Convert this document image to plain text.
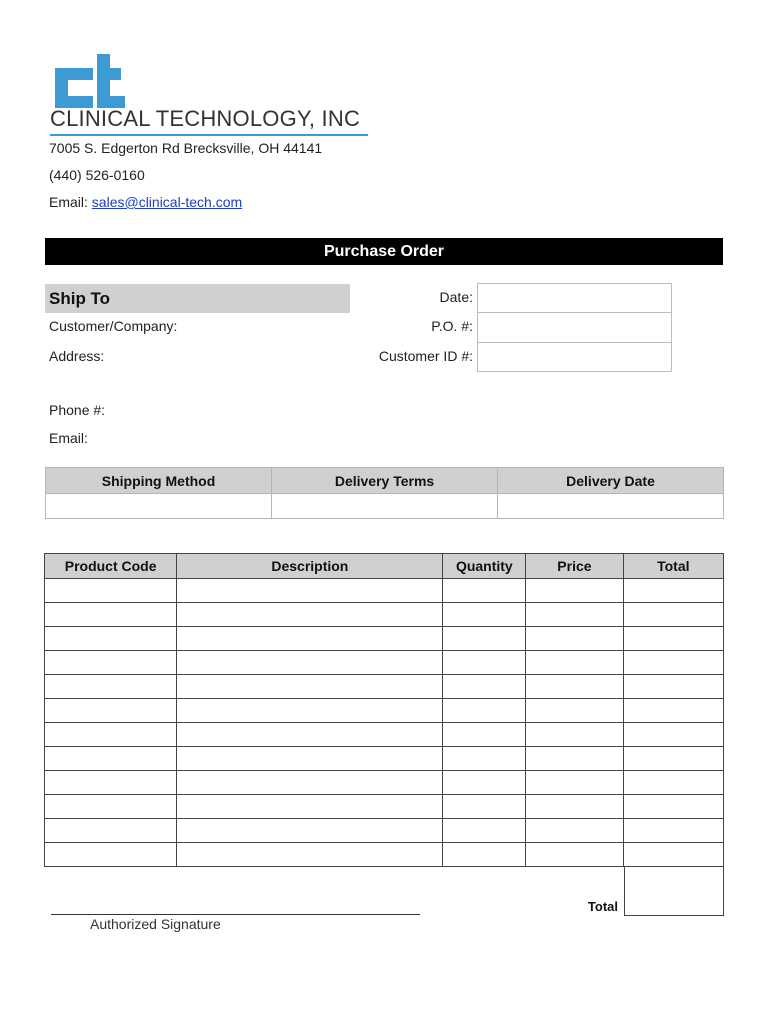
CLINICAL TECHNOLOGY, INC
7005 S. Edgerton Rd Brecksville, OH 44141
(440) 526-0160
Email: sales@clinical-tech.com
Purchase Order
Ship To
Customer/Company:
Address:
Phone #:
Email:
Date:
P.O. #:
Customer ID #:
Shipping Method	Delivery Terms	Delivery Date

Product Code	Description	Quantity	Price	Total

Total
Authorized Signature
